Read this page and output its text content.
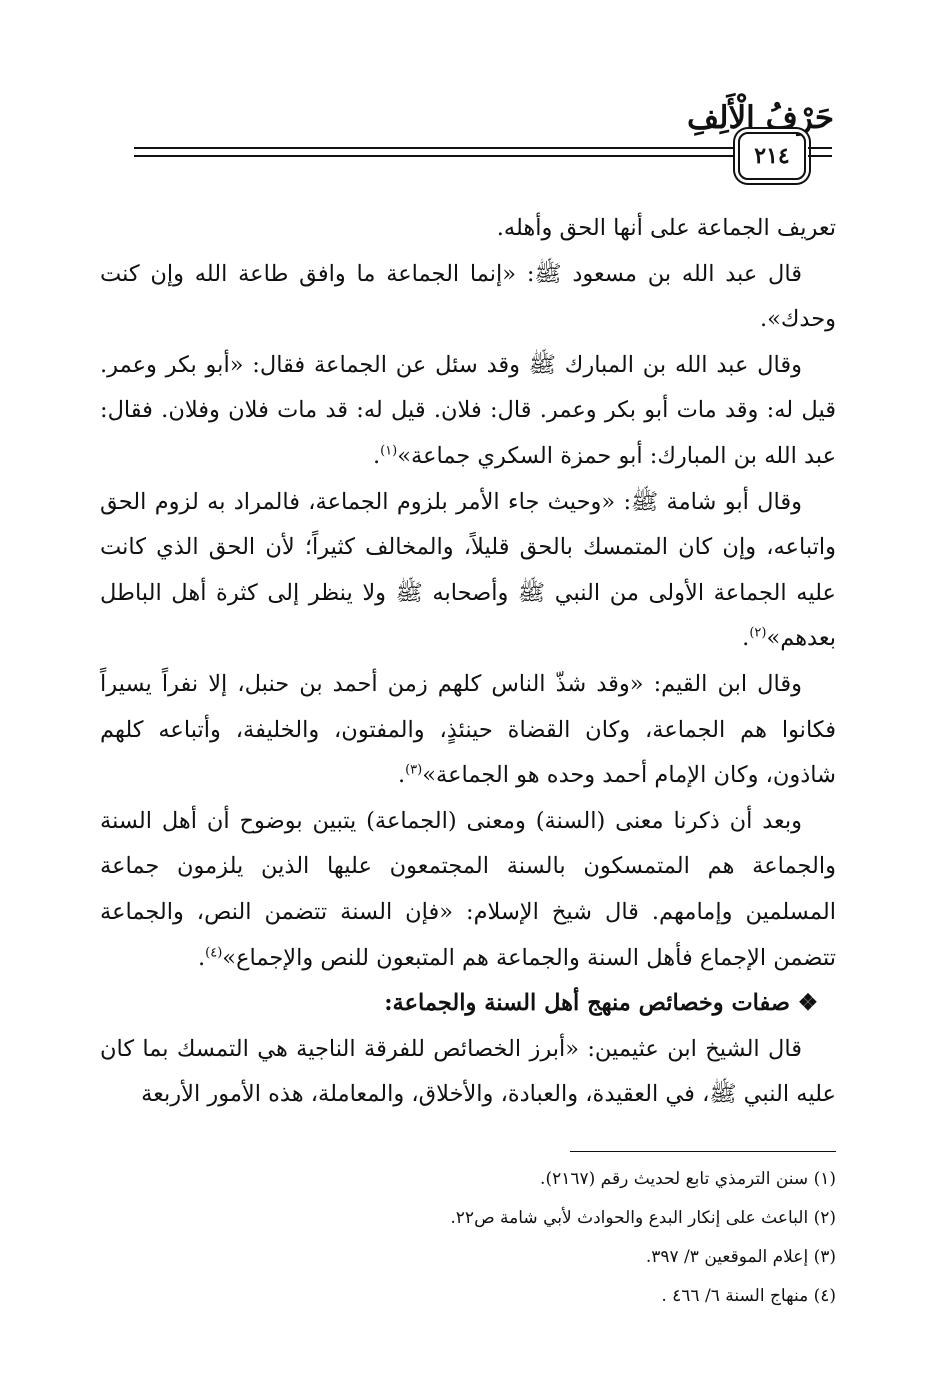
حَرْفُ الْأَلِفِ
٢١٤

تعريف الجماعة على أنها الحق وأهله.

قال عبد الله بن مسعود ﷺ: «إنما الجماعة ما وافق طاعة الله وإن كنت وحدك».

وقال عبد الله بن المبارك ﷺ وقد سئل عن الجماعة فقال: «أبو بكر وعمر. قيل له: وقد مات أبو بكر وعمر. قال: فلان. قيل له: قد مات فلان وفلان. فقال: عبد الله بن المبارك: أبو حمزة السكري جماعة»$^{(١)}$.

وقال أبو شامة ﷺ: «وحيث جاء الأمر بلزوم الجماعة، فالمراد به لزوم الحق واتباعه، وإن كان المتمسك بالحق قليلاً، والمخالف كثيراً؛ لأن الحق الذي كانت عليه الجماعة الأولى من النبي ﷺ وأصحابه ﷺ ولا ينظر إلى كثرة أهل الباطل بعدهم»$^{(٢)}$.

وقال ابن القيم: «وقد شذّ الناس كلهم زمن أحمد بن حنبل، إلا نفراً يسيراً فكانوا هم الجماعة، وكان القضاة حينئذٍ، والمفتون، والخليفة، وأتباعه كلهم شاذون، وكان الإمام أحمد وحده هو الجماعة»$^{(٣)}$.

وبعد أن ذكرنا معنى (السنة) ومعنى (الجماعة) يتبين بوضوح أن أهل السنة والجماعة هم المتمسكون بالسنة المجتمعون عليها الذين يلزمون جماعة المسلمين وإمامهم. قال شيخ الإسلام: «فإن السنة تتضمن النص، والجماعة تتضمن الإجماع فأهل السنة والجماعة هم المتبعون للنص والإجماع»$^{(٤)}$.

❖ صفات وخصائص منهج أهل السنة والجماعة:

قال الشيخ ابن عثيمين: «أبرز الخصائص للفرقة الناجية هي التمسك بما كان عليه النبي ﷺ، في العقيدة، والعبادة، والأخلاق، والمعاملة، هذه الأمور الأربعة

(١) سنن الترمذي تابع لحديث رقم (٢١٦٧).
(٢) الباعث على إنكار البدع والحوادث لأبي شامة ص٢٢.
(٣) إعلام الموقعين ٣/ ٣٩٧.
(٤) منهاج السنة ٦/ ٤٦٦ .
